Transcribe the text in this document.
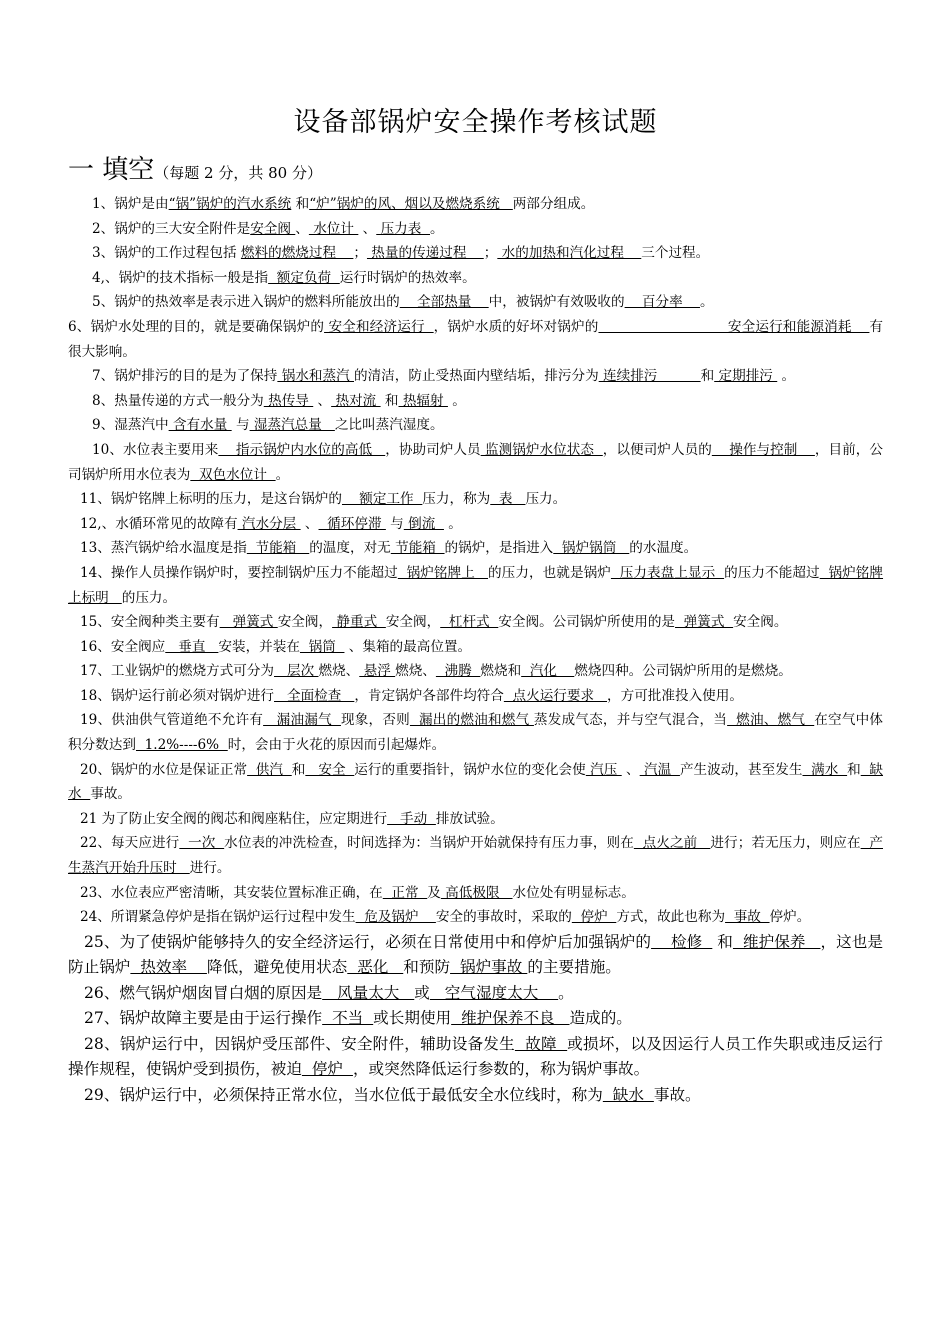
设备部锅炉安全操作考核试题
一 填空（每题 2 分，共 80 分）
1、锅炉是由“锅”锅炉的汽水系统 和“炉”锅炉的风、烟以及燃烧系统   两部分组成。
2、锅炉的三大安全附件是安全阀 、 水位计  、 压力表  。
3、锅炉的工作过程包括 燃料的燃烧过程    ； 热量的传递过程    ； 水的加热和汽化过程    三个过程。
4,、锅炉的技术指标一般是指  额定负荷  运行时锅炉的热效率。
5、锅炉的热效率是表示进入锅炉的燃料所能放出的    全部热量    中，被锅炉有效吸收的    百分率    。
6、锅炉水处理的目的，就是要确保锅炉的 安全和经济运行  ，锅炉水质的好坏对锅炉的                             安全运行和能源消耗    有很大影响。
7、锅炉排污的目的是为了保持 锅水和蒸汽 的清洁，防止受热面内壁结垢，排污分为 连续排污          和 定期排污  。
8、热量传递的方式一般分为 热传导  、 热对流  和 热辐射  。
9、湿蒸汽中 含有水量  与 湿蒸汽总量   之比叫蒸汽湿度。
10、水位表主要用来    指示锅炉内水位的高低   ，协助司炉人员 监测锅炉水位状态  ，以便司炉人员的    操作与控制    ，目前，公司锅炉所用水位表为  双色水位计  。
11、锅炉铭牌上标明的压力，是这台锅炉的    额定工作  压力，称为  表   压力。
12,、水循环常见的故障有 汽水分层  、  循环停滞  与 倒流   。
13、蒸汽锅炉给水温度是指  节能箱   的温度，对无 节能箱  的锅炉，是指进入  锅炉锅筒   的水温度。
14、操作人员操作锅炉时，要控制锅炉压力不能超过  锅炉铭牌上   的压力，也就是锅炉  压力表盘上显示  的压力不能超过  锅炉铭牌上标明   的压力。
15、安全阀种类主要有   弹簧式 安全阀， 静重式  安全阀，  杠杆式  安全阀。公司锅炉所使用的是  弹簧式  安全阀。
16、安全阀应   垂直   安装，并装在  锅筒   、集箱的最高位置。
17、工业锅炉的燃烧方式可分为   层次 燃烧、 悬浮 燃烧、  沸腾  燃烧和  汽化    燃烧四种。公司锅炉所用的是燃烧。
18、锅炉运行前必须对锅炉进行   全面检查   ，肯定锅炉各部件均符合  点火运行要求   ，方可批准投入使用。
19、供油供气管道绝不允许有   漏油漏气  现象，否则  漏出的燃油和燃气 蒸发成气态，并与空气混合，当  燃油、燃气  在空气中体积分数达到  1.2%----6%  时，会由于火花的原因而引起爆炸。
20、锅炉的水位是保证正常  供汽  和   安全  运行的重要指针，锅炉水位的变化会使 汽压  、 汽温  产生波动，甚至发生  满水  和  缺水  事故。
21 为了防止安全阀的阀芯和阀座粘住，应定期进行   手动  排放试验。
22、每天应进行  一次  水位表的冲洗检查，时间选择为：当锅炉开始就保持有压力事，则在  点火之前   进行；若无压力，则应在  产生蒸汽开始升压时   进行。
23、水位表应严密清晰，其安装位置标准正确，在  正常  及 高低极限   水位处有明显标志。
24、所谓紧急停炉是指在锅炉运行过程中发生  危及锅炉    安全的事故时，采取的  停炉  方式，故此也称为  事故  停炉。
25、为了使锅炉能够持久的安全经济运行，必须在日常使用中和停炉后加强锅炉的    检修   和  维护保养   ，这也是防止锅炉  热效率    降低，避免使用状态  恶化   和预防  锅炉事故 的主要措施。
26、燃气锅炉烟囱冒白烟的原因是   风量太大   或   空气湿度太大    。
27、锅炉故障主要是由于运行操作  不当  或长期使用  维护保养不良   造成的。
28、锅炉运行中，因锅炉受压部件、安全附件，辅助设备发生  故障  或损坏，以及因运行人员工作失职或违反运行操作规程，使锅炉受到损伤，被迫  停炉  ，或突然降低运行参数的，称为锅炉事故。
29、锅炉运行中，必须保持正常水位，当水位低于最低安全水位线时，称为  缺水  事故。
